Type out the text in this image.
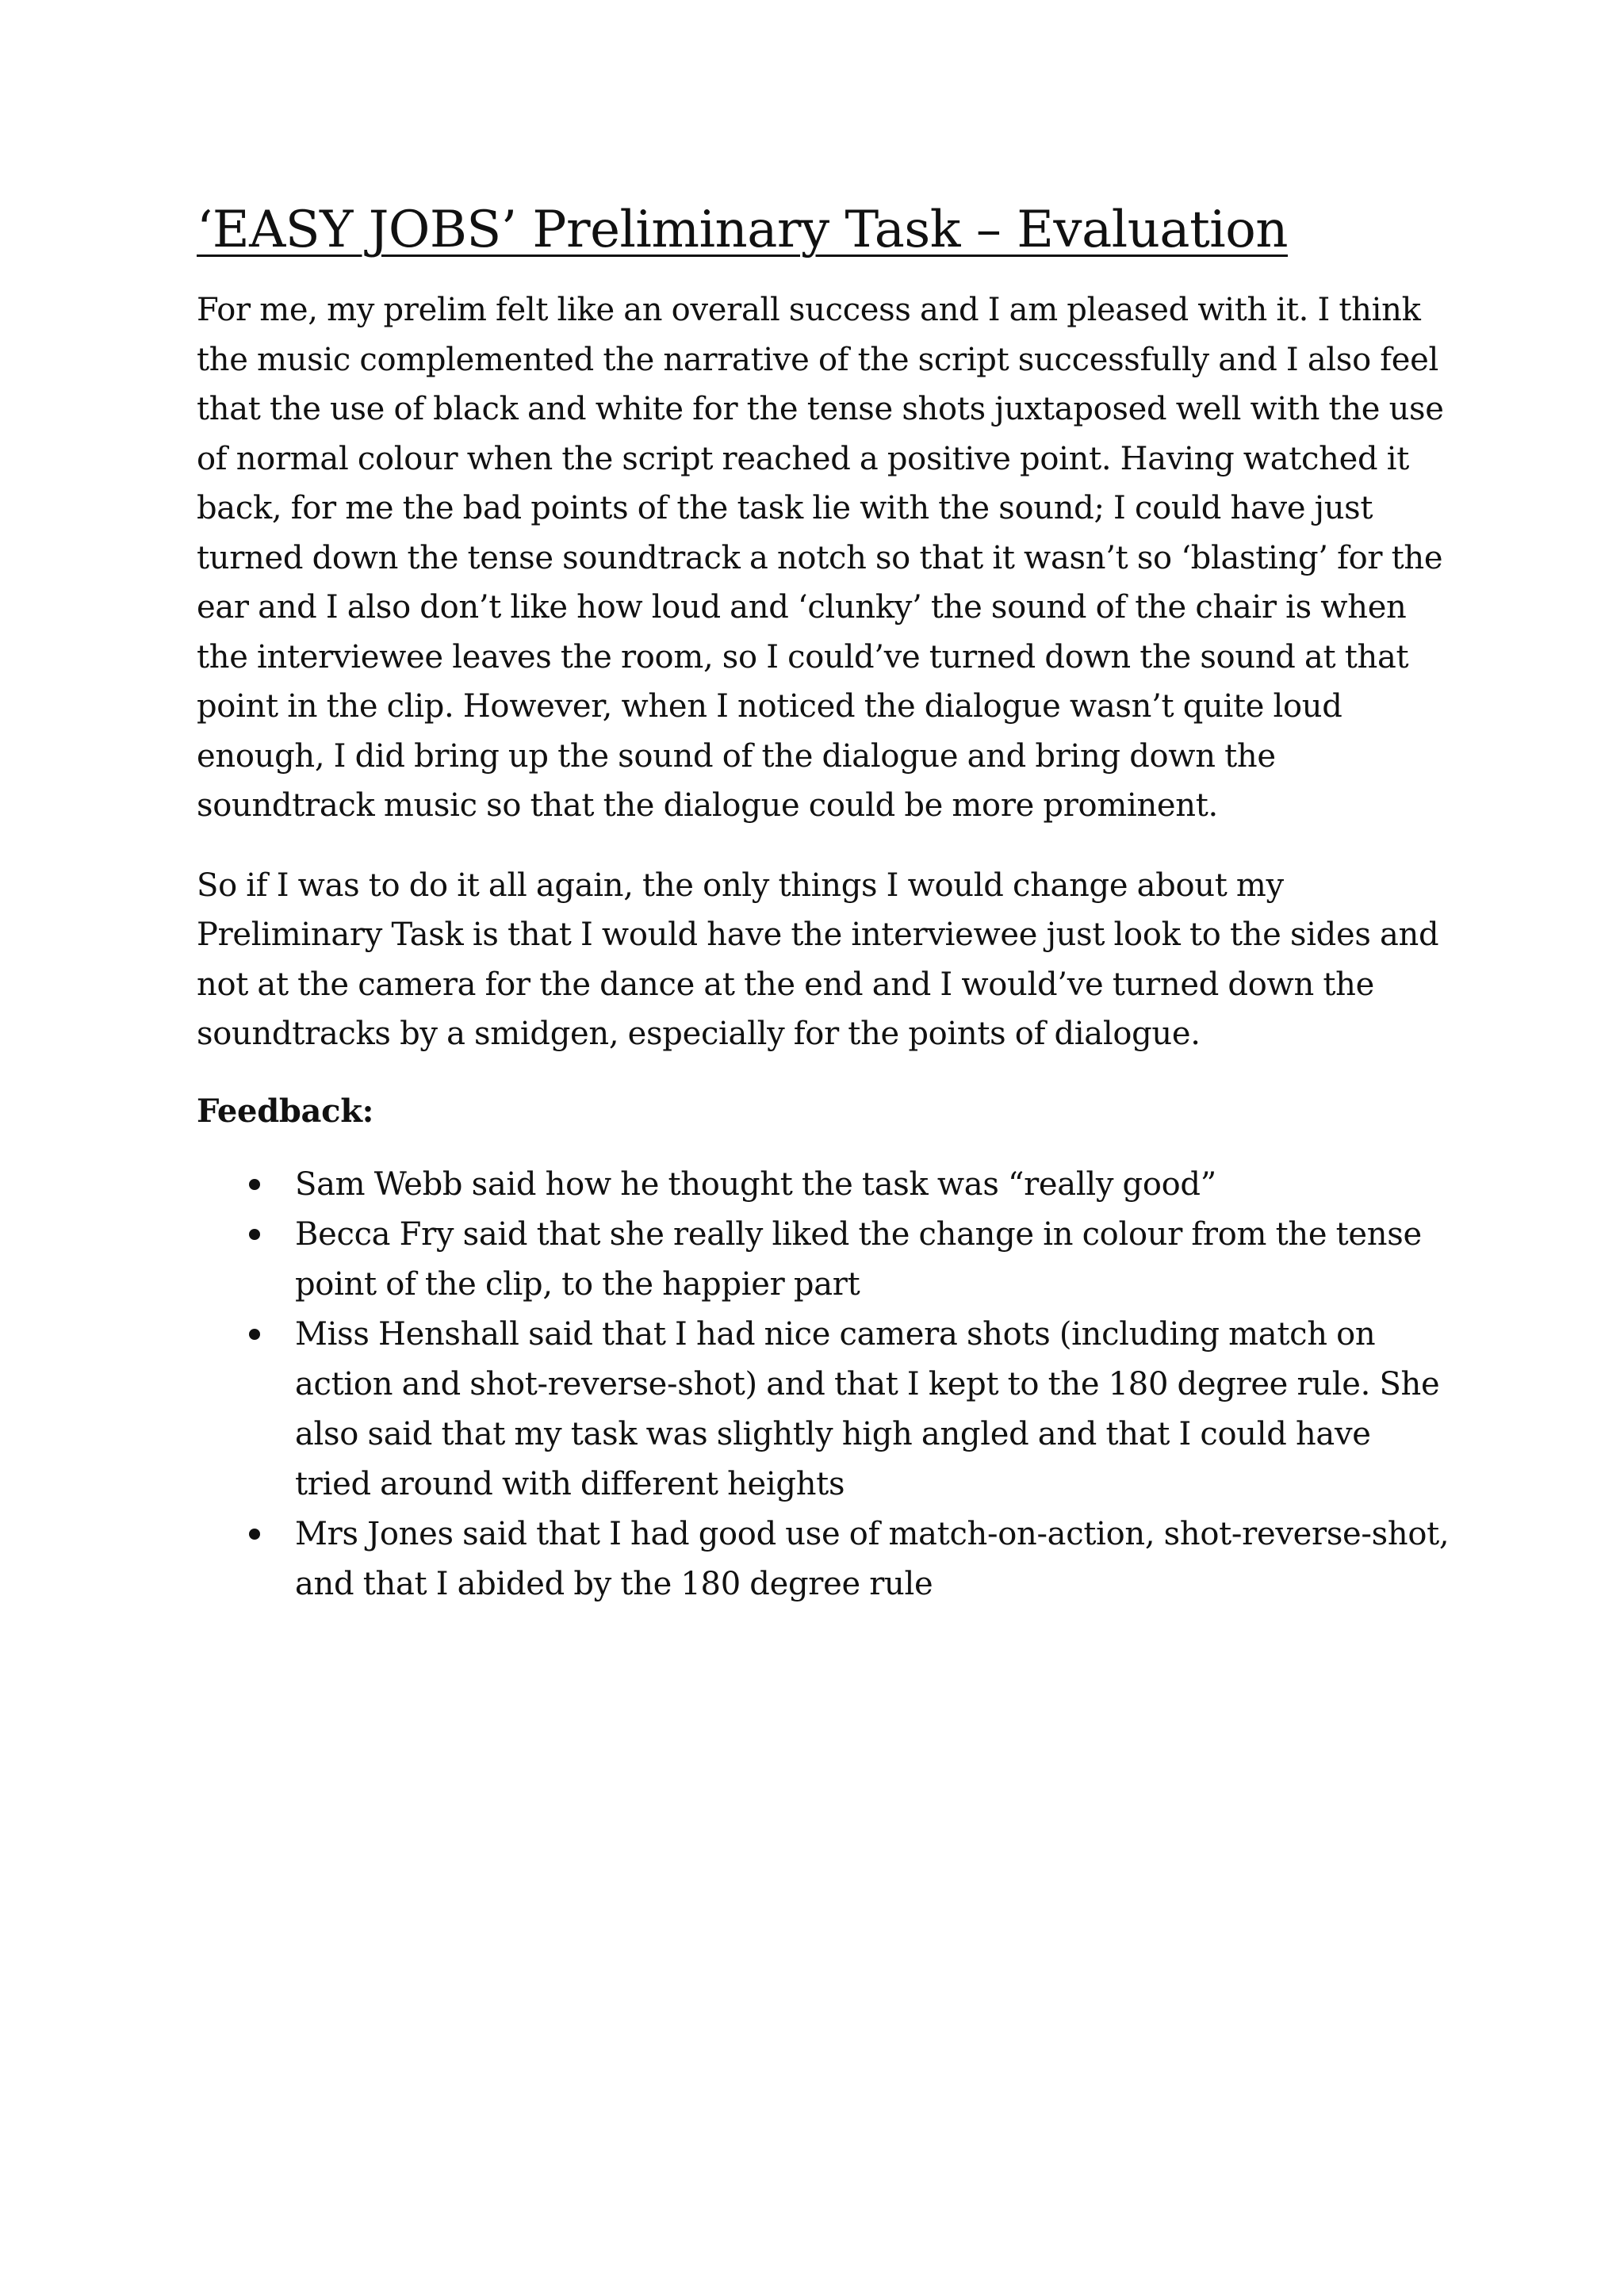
‘EASY JOBS’ Preliminary Task – Evaluation

For me, my prelim felt like an overall success and I am pleased with it. I think the music complemented the narrative of the script successfully and I also feel that the use of black and white for the tense shots juxtaposed well with the use of normal colour when the script reached a positive point. Having watched it back, for me the bad points of the task lie with the sound; I could have just turned down the tense soundtrack a notch so that it wasn’t so ‘blasting’ for the ear and I also don’t like how loud and ‘clunky’ the sound of the chair is when the interviewee leaves the room, so I could’ve turned down the sound at that point in the clip. However, when I noticed the dialogue wasn’t quite loud enough, I did bring up the sound of the dialogue and bring down the soundtrack music so that the dialogue could be more prominent.

So if I was to do it all again, the only things I would change about my Preliminary Task is that I would have the interviewee just look to the sides and not at the camera for the dance at the end and I would’ve turned down the soundtracks by a smidgen, especially for the points of dialogue.

Feedback:
Sam Webb said how he thought the task was “really good”
Becca Fry said that she really liked the change in colour from the tense point of the clip, to the happier part
Miss Henshall said that I had nice camera shots (including match on action and shot-reverse-shot) and that I kept to the 180 degree rule. She also said that my task was slightly high angled and that I could have tried around with different heights
Mrs Jones said that I had good use of match-on-action, shot-reverse-shot, and that I abided by the 180 degree rule
